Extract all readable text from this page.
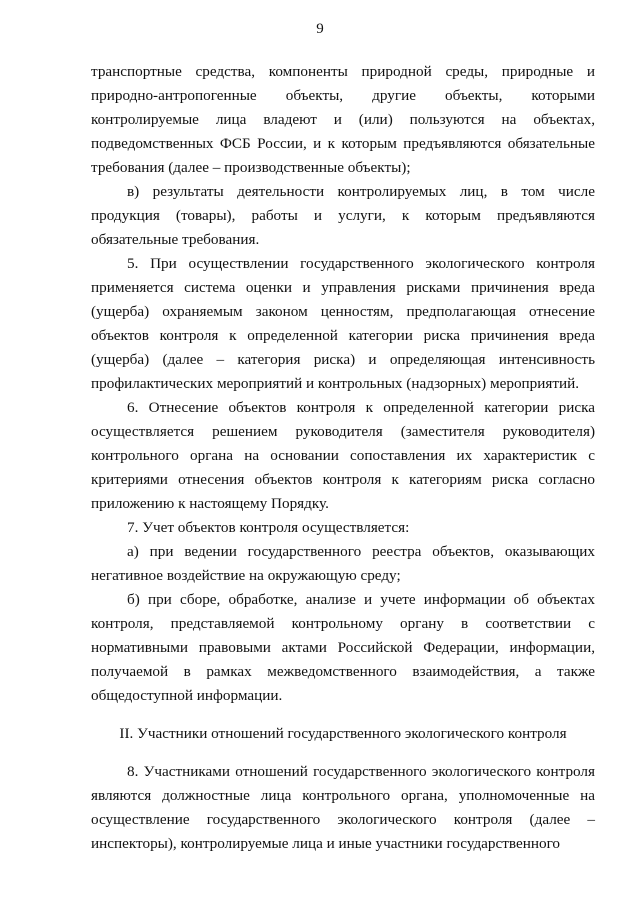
9

транспортные средства, компоненты природной среды, природные и природно-антропогенные объекты, другие объекты, которыми контролируемые лица владеют и (или) пользуются на объектах, подведомственных ФСБ России, и к которым предъявляются обязательные требования (далее – производственные объекты);

в) результаты деятельности контролируемых лиц, в том числе продукция (товары), работы и услуги, к которым предъявляются обязательные требования.

5. При осуществлении государственного экологического контроля применяется система оценки и управления рисками причинения вреда (ущерба) охраняемым законом ценностям, предполагающая отнесение объектов контроля к определенной категории риска причинения вреда (ущерба) (далее – категория риска) и определяющая интенсивность профилактических мероприятий и контрольных (надзорных) мероприятий.

6. Отнесение объектов контроля к определенной категории риска осуществляется решением руководителя (заместителя руководителя) контрольного органа на основании сопоставления их характеристик с критериями отнесения объектов контроля к категориям риска согласно приложению к настоящему Порядку.

7. Учет объектов контроля осуществляется:

а) при ведении государственного реестра объектов, оказывающих негативное воздействие на окружающую среду;

б) при сборе, обработке, анализе и учете информации об объектах контроля, представляемой контрольному органу в соответствии с нормативными правовыми актами Российской Федерации, информации, получаемой в рамках межведомственного взаимодействия, а также общедоступной информации.

II. Участники отношений государственного экологического контроля

8. Участниками отношений государственного экологического контроля являются должностные лица контрольного органа, уполномоченные на осуществление государственного экологического контроля (далее – инспекторы), контролируемые лица и иные участники государственного
